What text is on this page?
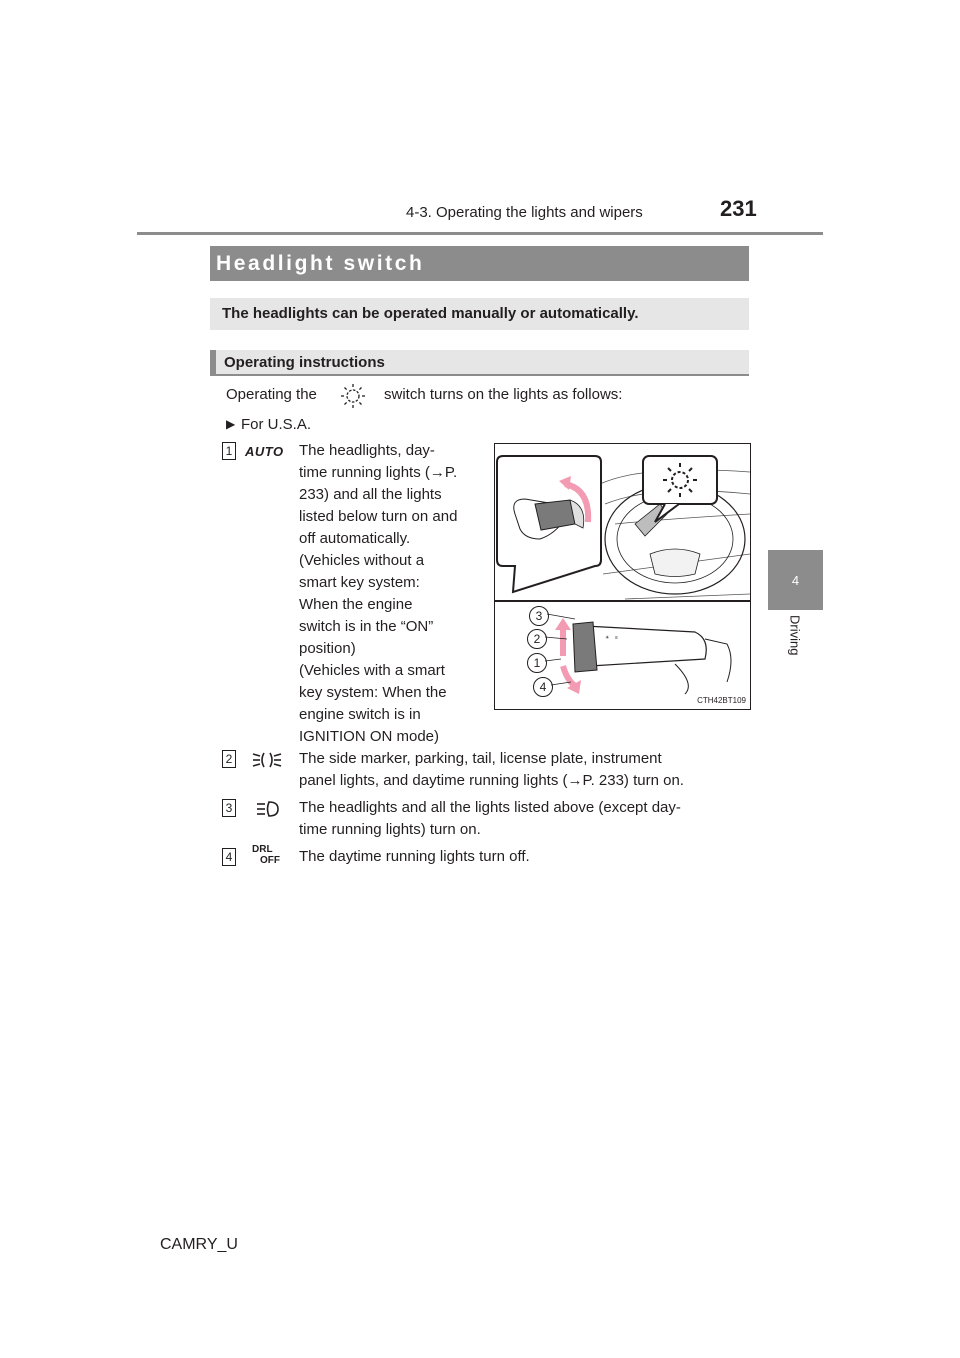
4-3. Operating the lights and wipers	231
4
Driving
Headlight switch
The headlights can be operated manually or automatically.
Operating instructions
Operating the	switch turns on the lights as follows:
▶ For U.S.A.
1 AUTO The headlights, day-
time running lights (→P.
233) and all the lights
listed below turn on and
off automatically.
(Vehicles without a
smart key system:
When the engine
switch is in the “ON”
position)
(Vehicles with a smart
key system: When the
engine switch is in
IGNITION ON mode)
☀ ≡
3
2
1
4
CTH42BT109
2	The side marker, parking, tail, license plate, instrument
panel lights, and daytime running lights (→P. 233) turn on.
3	The headlights and all the lights listed above (except day-
time running lights) turn on.
4
DRL
OFF	The daytime running lights turn off.
CAMRY_U
